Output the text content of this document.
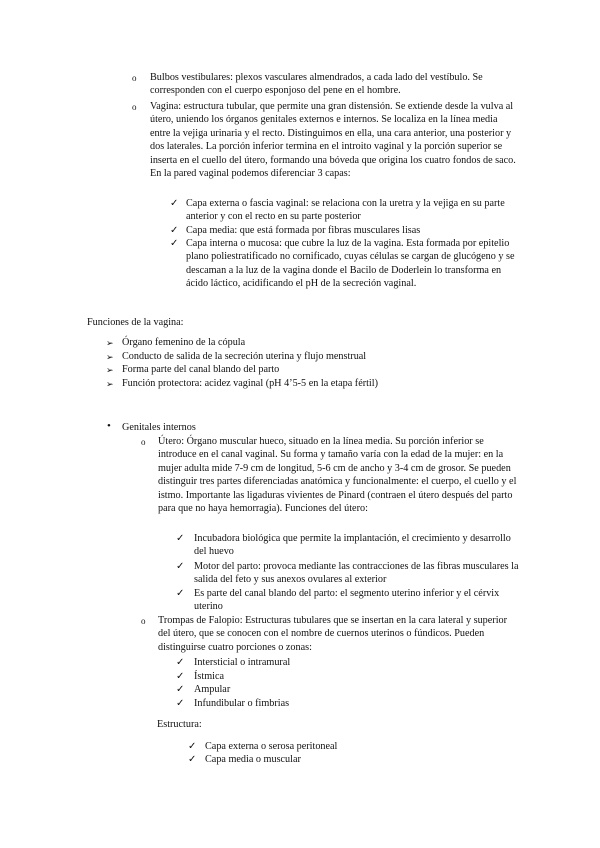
o Bulbos vestibulares: plexos vasculares almendrados, a cada lado del vestíbulo. Se corresponden con el cuerpo esponjoso del pene en el hombre.
o Vagina: estructura tubular, que permite una gran distensión. Se extiende desde la vulva al útero, uniendo los órganos genitales externos e internos. Se localiza en la línea media entre la vejiga urinaria y el recto. Distinguimos en ella, una cara anterior, una posterior y dos laterales. La porción inferior termina en el introito vaginal y la porción superior se inserta en el cuello del útero, formando una bóveda que origina los cuatro fondos de saco. En la pared vaginal podemos diferenciar 3 capas:
✓ Capa externa o fascia vaginal: se relaciona con la uretra y la vejiga en su parte anterior y con el recto en su parte posterior
✓ Capa media: que está formada por fibras musculares lisas
✓ Capa interna o mucosa: que cubre la luz de la vagina. Esta formada por epitelio plano poliestratificado no cornificado, cuyas células se cargan de glucógeno y se descaman a la luz de la vagina donde el Bacilo de Doderlein lo transforma en ácido láctico, acidificando el pH de la secreción vaginal.
Funciones de la vagina:
➢ Órgano femenino de la cópula
➢ Conducto de salida de la secreción uterina y flujo menstrual
➢ Forma parte del canal blando del parto
➢ Función protectora: acidez vaginal (pH 4’5-5 en la etapa fértil)
• Genitales internos
o Útero: Órgano muscular hueco, situado en la línea media. Su porción inferior se introduce en el canal vaginal. Su forma y tamaño varía con la edad de la mujer: en la mujer adulta mide 7-9 cm de longitud, 5-6 cm de ancho y 3-4 cm de grosor. Se pueden distinguir tres partes diferenciadas anatómica y funcionalmente: el cuerpo, el cuello y el istmo. Importante las ligaduras vivientes de Pinard (contraen el útero después del parto para que no haya hemorragia). Funciones del útero:
✓ Incubadora biológica que permite la implantación, el crecimiento y desarrollo del huevo
✓ Motor del parto: provoca mediante las contracciones de las fibras musculares la salida del feto y sus anexos ovulares al exterior
✓ Es parte del canal blando del parto: el segmento uterino inferior y el cérvix uterino
o Trompas de Falopio: Estructuras tubulares que se insertan en la cara lateral y superior del útero, que se conocen con el nombre de cuernos uterinos o fúndicos. Pueden distinguirse cuatro porciones o zonas:
✓ Intersticial o intramural
✓ Ístmica
✓ Ampular
✓ Infundibular o fimbrias
Estructura:
✓ Capa externa o serosa peritoneal
✓ Capa media o muscular
